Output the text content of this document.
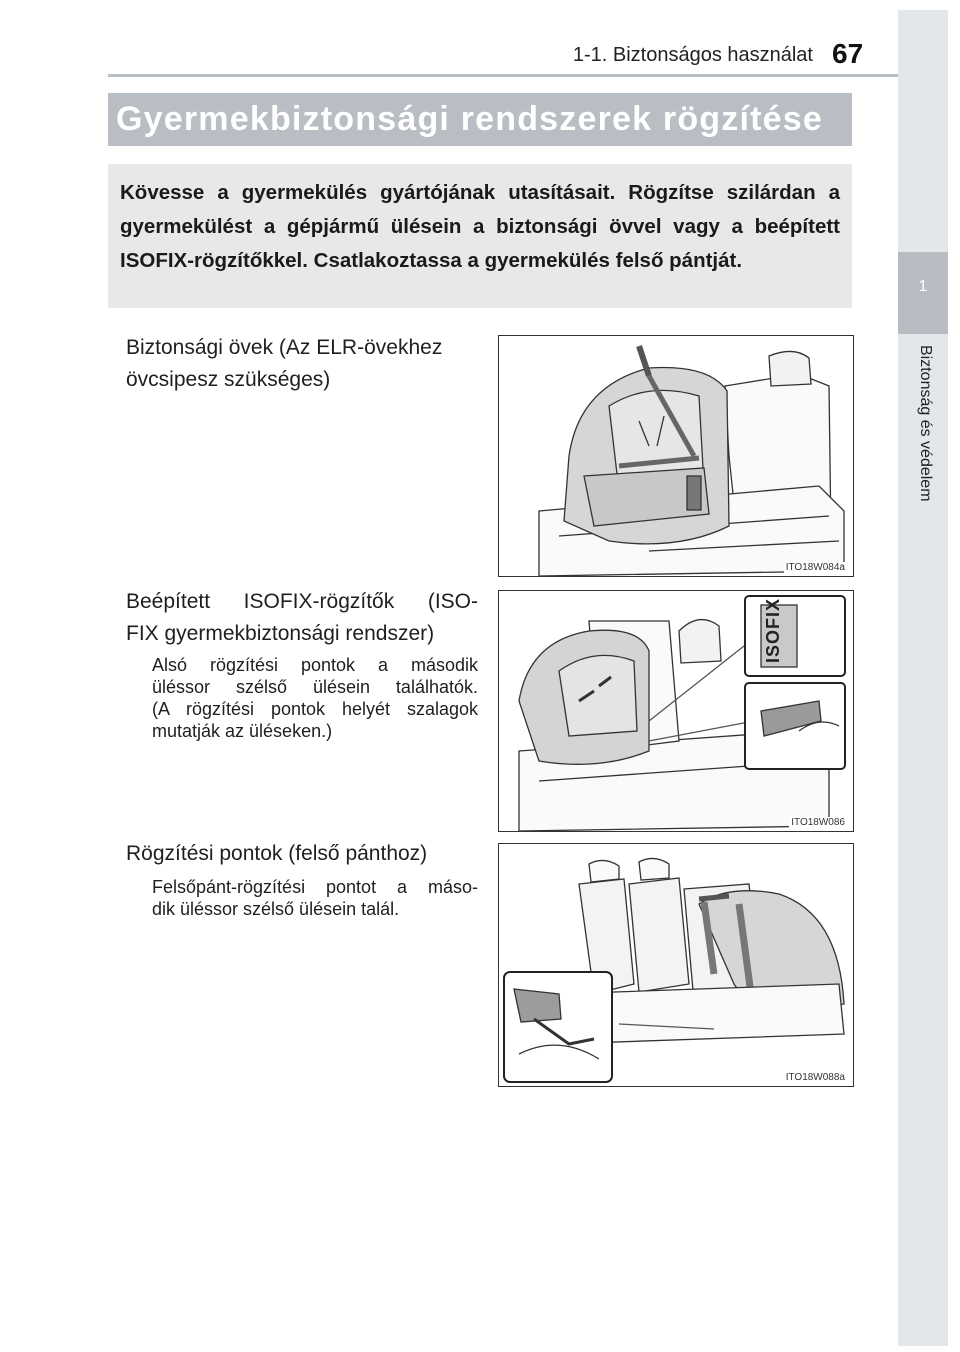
1-1. Biztonságos használat 67
1
Biztonság és védelem
Gyermekbiztonsági rendszerek rögzítése
Kövesse a gyermekülés gyártójának utasításait. Rögzítse szilárdan a gyermekülést a gépjármű ülésein a biztonsági övvel vagy a beépített ISOFIX-rögzítőkkel. Csatlakoztassa a gyermekülés felső pántját.
Biztonsági övek (Az ELR-övekhez
övcsipesz szükséges)
ITO18W084a
Beépített ISOFIX-rögzítők (ISO-
FIX gyermekbiztonsági rendszer)
Alsó rögzítési pontok a második
üléssor szélső ülésein találhatók.
(A rögzítési pontok helyét szalagok
mutatják az üléseken.)
ISOFIX
ITO18W086
Rögzítési pontok (felső pánthoz)
Felsőpánt-rögzítési pontot a máso-
dik üléssor szélső ülésein talál.
ITO18W088a
